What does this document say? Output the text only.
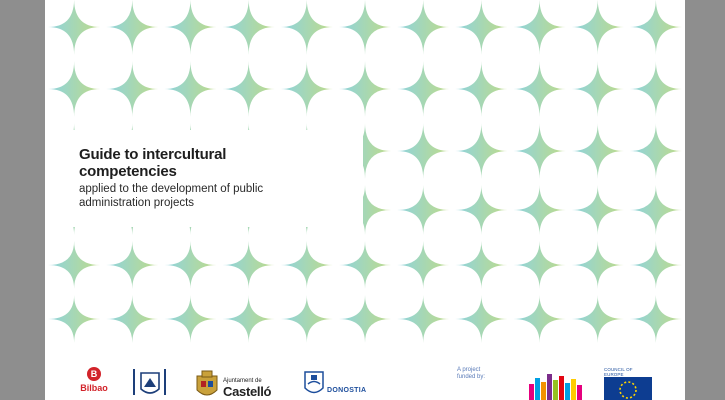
Guide to intercultural competencies

applied to the development of public administration projects

B
Bilbao
Ajuntament de
Castelló	DONOSTIA
A project
funded by:
COUNCIL OF EUROPE
